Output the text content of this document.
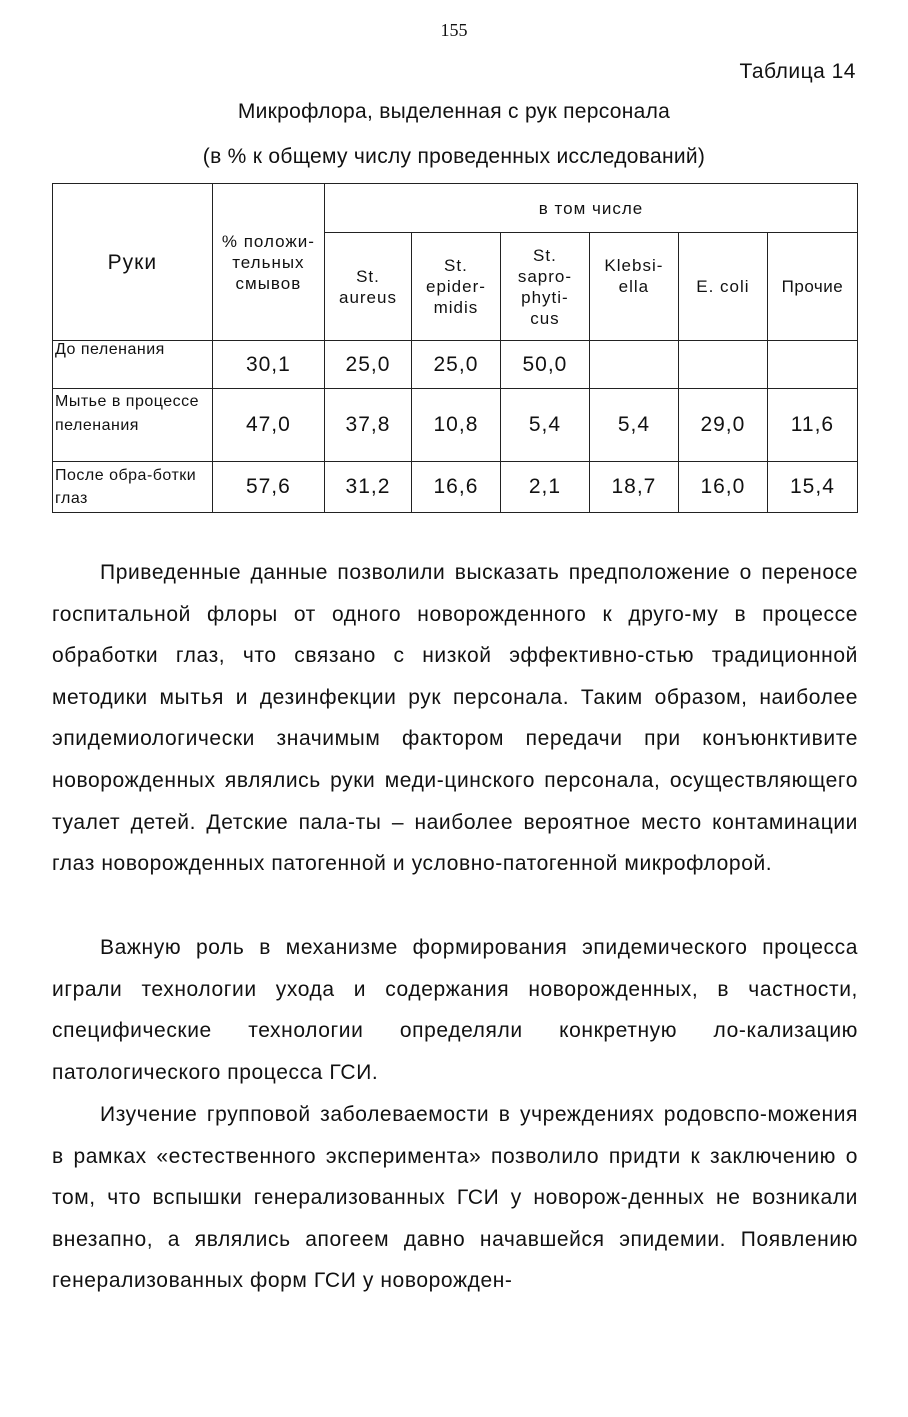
155
Таблица 14
Микрофлора, выделенная с рук персонала
(в % к общему числу проведенных исследований)
Руки	% положи-тельных смывов	в том числе					
		St. aureus	St. epider-midis	St. sapro-phyti-cus	Klebsi-ella	E. coli	Прочие
До пеленания	30,1	25,0	25,0	50,0			
Мытье в процессе пеленания	47,0	37,8	10,8	5,4	5,4	29,0	11,6
После обра-ботки глаз	57,6	31,2	16,6	2,1	18,7	16,0	15,4
Приведенные данные позволили высказать предположение о переносе госпитальной флоры от одного новорожденного к друго-му в процессе обработки глаз, что связано с низкой эффективно-стью традиционной методики мытья и дезинфекции рук персонала. Таким образом, наиболее эпидемиологически значимым фактором передачи при конъюнктивите новорожденных являлись руки меди-цинского персонала, осуществляющего туалет детей. Детские пала-ты – наиболее вероятное место контаминации глаз новорожденных патогенной и условно-патогенной микрофлорой.
Важную роль в механизме формирования эпидемического процесса играли технологии ухода и содержания новорожденных, в частности, специфические технологии определяли конкретную ло-кализацию патологического процесса ГСИ.
Изучение групповой заболеваемости в учреждениях родовспо-можения в рамках «естественного эксперимента» позволило придти к заключению о том, что вспышки генерализованных ГСИ у новорож-денных не возникали внезапно, а являлись апогеем давно начавшейся эпидемии. Появлению генерализованных форм ГСИ у новорожден-
